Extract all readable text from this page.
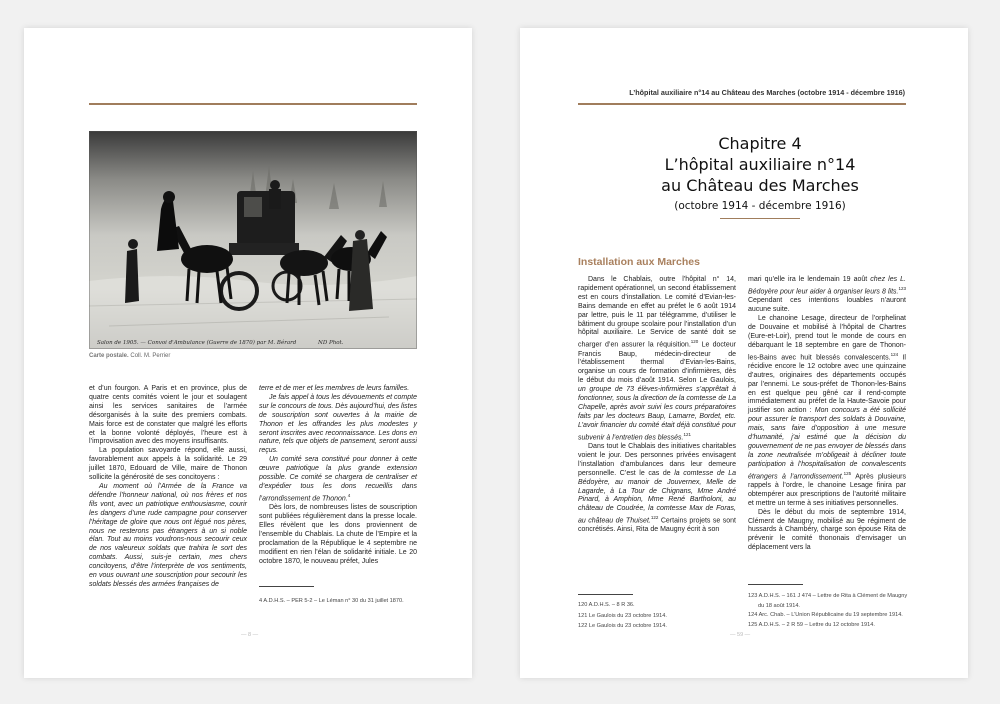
Salon de 1905. — Convoi d'Ambulance (Guerre de 1870) par M. Bérard	ND Phot.
Carte postale. Coll. M. Perrier

et d’un fourgon. A Paris et en province, plus de quatre cents comités voient le jour et soulagent ainsi les services sanitaires de l’armée désorganisés à la suite des premiers combats. Mais force est de constater que malgré les efforts et la bonne volonté déployés, l’heure est à l’improvisation avec des moyens insuffisants.

La population savoyarde répond, elle aussi, favorablement aux appels à la solidarité. Le 29 juillet 1870, Edouard de Ville, maire de Thonon sollicite la générosité de ses concitoyens :

Au moment où l’Armée de la France va défendre l’honneur national, où nos frères et nos fils vont, avec un patriotique enthousiasme, courir les dangers d’une rude campagne pour conserver l’héritage de gloire que nous ont légué nos pères, nous ne resterons pas étrangers à un si noble élan. Tout au moins voudrons-nous secourir ceux de nos valeureux soldats que trahira le sort des combats. Aussi, suis-je certain, mes chers concitoyens, d’être l’interprète de vos sentiments, en vous ouvrant une souscription pour secourir les soldats blessés des armées françaises de

terre et de mer et les membres de leurs familles.

Je fais appel à tous les dévouements et compte sur le concours de tous. Dès aujourd’hui, des listes de souscription sont ouvertes à la mairie de Thonon et les offrandes les plus modestes y seront inscrites avec reconnaissance. Les dons en nature, tels que objets de pansement, seront aussi reçus.

Un comité sera constitué pour donner à cette œuvre patriotique la plus grande extension possible. Ce comité se chargera de centraliser et d’expédier tous les dons recueillis dans l’arrondissement de Thonon.$^4$

Dès lors, de nombreuses listes de souscription sont publiées régulièrement dans la presse locale. Elles révèlent que les dons proviennent de l’ensemble du Chablais. La chute de l’Empire et la proclamation de la République le 4 septembre ne modifient en rien l’élan de solidarité initiale. Le 20 octobre 1870, le nouveau préfet, Jules

4 A.D.H.S. – PER 5-2 – Le Léman n° 30 du 31 juillet 1870.
— 8 —
L’hôpital auxiliaire n°14 au Château des Marches (octobre 1914 - décembre 1916)
Chapitre 4
L’hôpital auxiliaire n°14
au Château des Marches
(octobre 1914 - décembre 1916)
Installation aux Marches

Dans le Chablais, outre l’hôpital n° 14, rapidement opérationnel, un second établissement est en cours d’installation. Le comité d’Evian-les-Bains demande en effet au préfet le 6 août 1914 par lettre, puis le 11 par télégramme, d’utiliser le bâtiment du groupe scolaire pour l’installation d’un hôpital auxiliaire. Le Service de santé doit se charger d’en assurer la réquisition.$^{120}$ Le docteur Francis Baup, médecin-directeur de l’établissement thermal d’Evian-les-Bains, organise un cours de formation d’infirmières, dès le début du mois d’août 1914. Selon Le Gaulois, un groupe de 73 élèves-infirmières s’apprêtait à fonctionner, sous la direction de la comtesse de La Chapelle, après avoir suivi les cours préparatoires faits par les docteurs Baup, Lamarre, Bordet, etc. L’avoir financier du comité était déjà constitué pour subvenir à l’entretien des blessés.$^{121}$

Dans tout le Chablais des initiatives charitables voient le jour. Des personnes privées envisagent l’installation d’ambulances dans leur demeure personnelle. C’est le cas de la comtesse de La Bédoyère, au manoir de Jouvernex, Melle de Lagarde, à La Tour de Chignans, Mme André Pinard, à Amphion, Mme René Bartholoni, au château de Coudrée, la comtesse Max de Foras, au château de Thuiset.$^{122}$ Certains projets se sont concrétisés. Ainsi, Rita de Maugny écrit à son

mari qu’elle ira le lendemain 19 août chez les L. Bédoyère pour leur aider à organiser leurs 8 lits.$^{123}$ Cependant ces intentions louables n’auront aucune suite.

Le chanoine Lesage, directeur de l’orphelinat de Douvaine et mobilisé à l’hôpital de Chartres (Eure-et-Loir), prend tout le monde de cours en débarquant le 18 septembre en gare de Thonon-les-Bains avec huit blessés convalescents.$^{124}$ Il récidive encore le 12 octobre avec une quinzaine d’autres, originaires des départements occupés par l’ennemi. Le sous-préfet de Thonon-les-Bains en est quelque peu gêné car il rend-compte immédiatement au préfet de la Haute-Savoie pour justifier son action : Mon concours a été sollicité pour assurer le transport des soldats à Douvaine, mais, sans faire d’opposition à une mesure d’humanité, j’ai estimé que la décision du gouvernement de ne pas envoyer de blessés dans la zone neutralisée m’obligeait à décliner toute participation à l’hospitalisation de convalescents étrangers à l’arrondissement.$^{125}$ Après plusieurs rappels à l’ordre, le chanoine Lesage finira par obtempérer aux prescriptions de l’autorité militaire et mettre un terme à ses initiatives personnelles.

Dès le début du mois de septembre 1914, Clément de Maugny, mobilisé au 9e régiment de hussards à Chambéry, charge son épouse Rita de prévenir le comité thononais d’envisager un déplacement vers la

120 A.D.H.S. – 8 R 36.
121 Le Gaulois du 23 octobre 1914.
122 Le Gaulois du 23 octobre 1914.
123 A.D.H.S. – 161 J 474 – Lettre de Rita à Clément de Maugny
du 18 août 1914.
124 Arc. Chab. – L’Union Républicaine du 19 septembre 1914.
125 A.D.H.S. – 2 R 59 – Lettre du 12 octobre 1914.
— 59 —
